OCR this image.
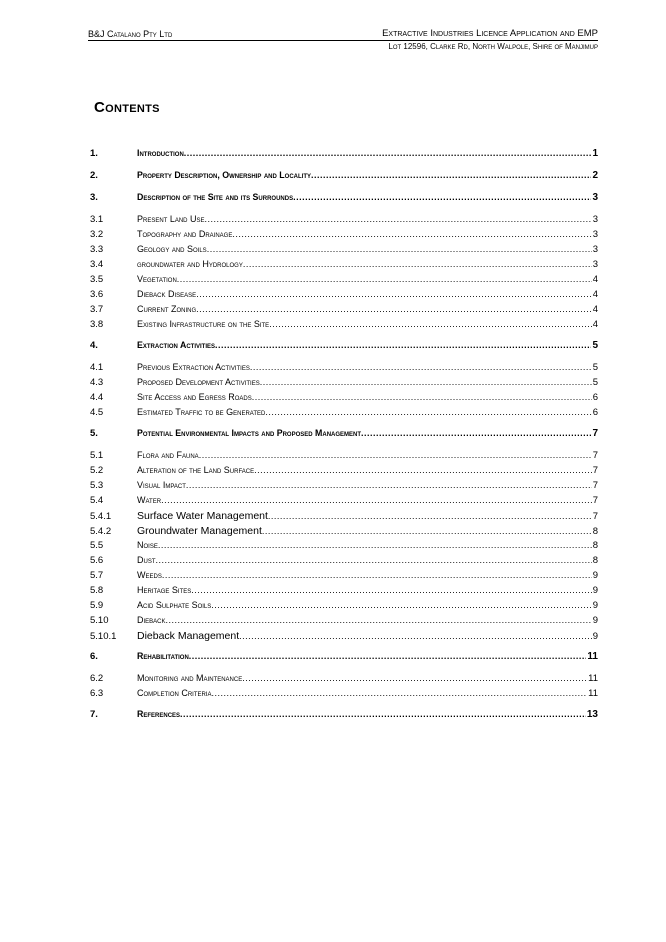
B&J Catalano Pty Ltd	Extractive Industries Licence Application and EMP
Lot 12596, Clarke Rd, North Walpole, Shire of Manjimup
Contents
1.	Introduction .....	1
2.	Property Description, Ownership and Locality .....	2
3.	Description of the Site and its Surrounds .....	3
3.1	Present Land Use .....	3
3.2	Topography and Drainage .....	3
3.3	Geology and Soils .....	3
3.4	groundwater and Hydrology .....	3
3.5	Vegetation .....	4
3.6	Dieback Disease .....	4
3.7	Current Zoning .....	4
3.8	Existing Infrastructure on the Site .....	4
4.	Extraction Activities .....	5
4.1	Previous Extraction Activities .....	5
4.3	Proposed Development Activities .....	5
4.4	Site Access and Egress Roads .....	6
4.5	Estimated Traffic to be Generated .....	6
5.	Potential Environmental Impacts and Proposed Management .....	7
5.1	Flora and Fauna .....	7
5.2	Alteration of the Land Surface .....	7
5.3	Visual Impact .....	7
5.4	Water .....	7
5.4.1	Surface Water Management .....	7
5.4.2	Groundwater Management .....	8
5.5	Noise .....	8
5.6	Dust .....	8
5.7	Weeds .....	9
5.8	Heritage Sites .....	9
5.9	Acid Sulphate Soils .....	9
5.10	Dieback .....	9
5.10.1	Dieback Management .....	9
6.	Rehabilitation .....	11
6.2	Monitoring and Maintenance .....	11
6.3	Completion Criteria .....	11
7.	References .....	13
